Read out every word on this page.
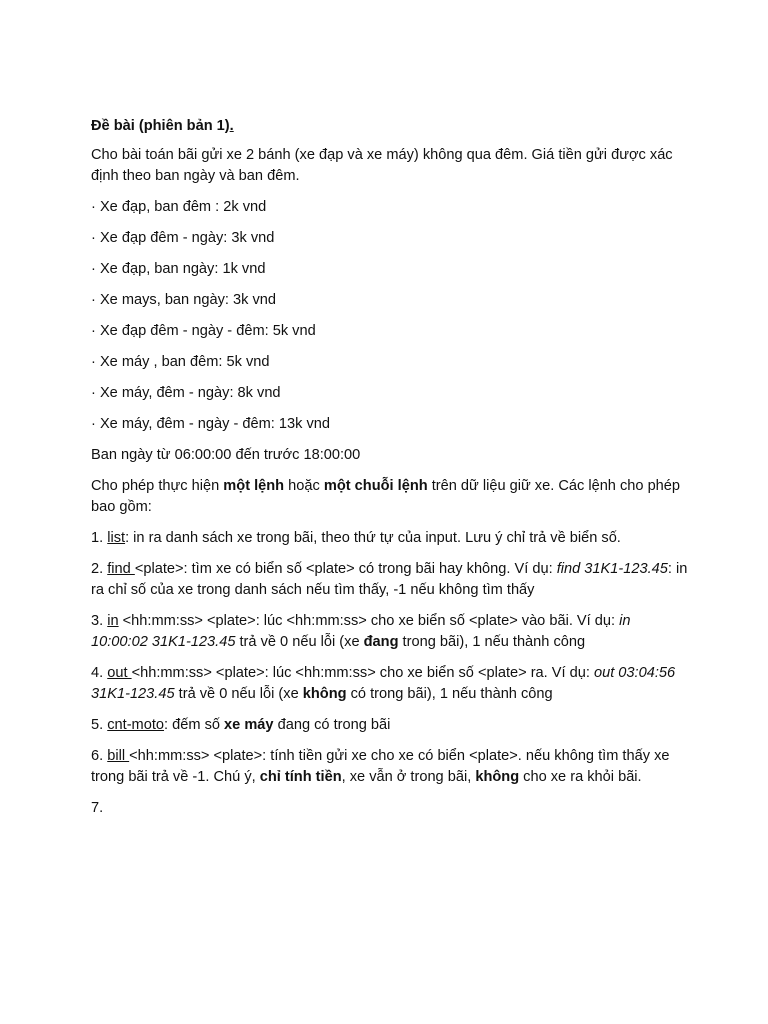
Đề bài (phiên bản 1).

Cho bài toán bãi gửi xe 2 bánh (xe đạp và xe máy) không qua đêm. Giá tiền gửi được xác định theo ban ngày và ban đêm.

· Xe đạp, ban đêm : 2k vnd

· Xe đạp đêm - ngày: 3k vnd

· Xe đạp, ban ngày: 1k vnd

· Xe mays, ban ngày: 3k vnd

· Xe đạp đêm - ngày - đêm: 5k vnd

· Xe máy , ban đêm: 5k vnd

· Xe máy, đêm - ngày: 8k vnd

· Xe máy, đêm - ngày - đêm: 13k vnd

Ban ngày từ 06:00:00 đến trước 18:00:00

Cho phép thực hiện một lệnh hoặc một chuỗi lệnh trên dữ liệu giữ xe. Các lệnh cho phép bao gồm:

1. list: in ra danh sách xe trong bãi, theo thứ tự của input. Lưu ý chỉ trả về biển số.

2. find <plate>: tìm xe có biển số <plate> có trong bãi hay không. Ví dụ: find 31K1-123.45: in ra chỉ số của xe trong danh sách nếu tìm thấy, -1 nếu không tìm thấy

3. in <hh:mm:ss> <plate>: lúc <hh:mm:ss> cho xe biển số <plate> vào bãi. Ví dụ: in 10:00:02 31K1-123.45 trả về 0 nếu lỗi (xe đang trong bãi), 1 nếu thành công

4. out <hh:mm:ss> <plate>: lúc <hh:mm:ss> cho xe biển số <plate> ra. Ví dụ: out 03:04:56 31K1-123.45 trả về 0 nếu lỗi (xe không có trong bãi), 1 nếu thành công

5. cnt-moto: đếm số xe máy đang có trong bãi

6. bill <hh:mm:ss> <plate>: tính tiền gửi xe cho xe có biển <plate>. nếu không tìm thấy xe trong bãi trả về -1. Chú ý, chỉ tính tiền, xe vẫn ở trong bãi, không cho xe ra khỏi bãi.

7.
